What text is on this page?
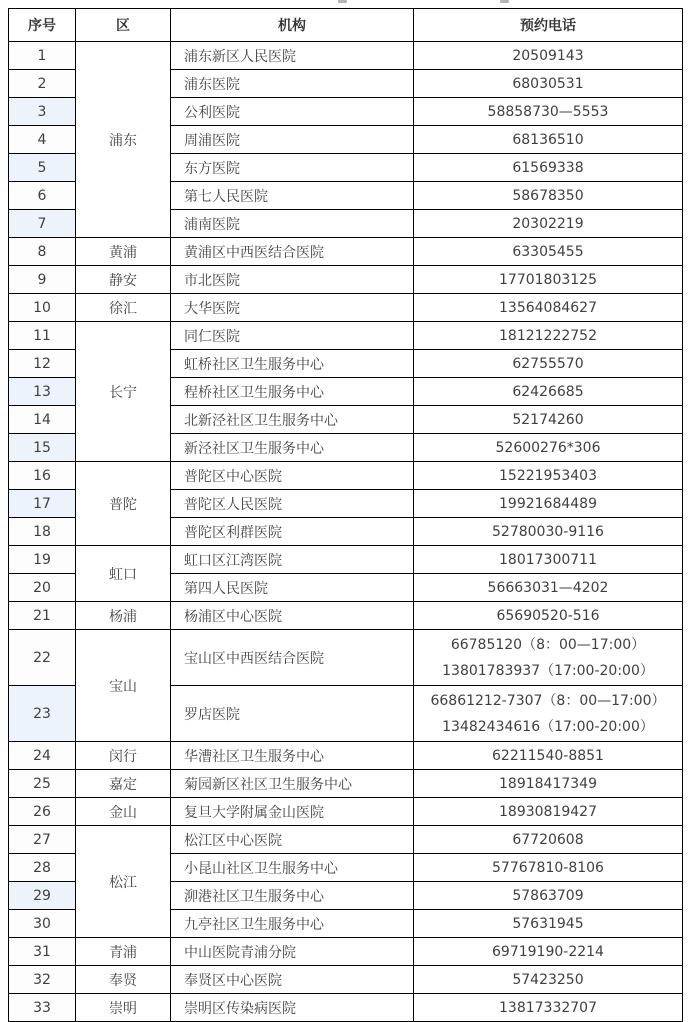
序号	区	机构	预约电话
1	浦东	浦东新区人民医院	20509143
2		浦东医院	68030531
3		公利医院	58858730—5553
4		周浦医院	68136510
5		东方医院	61569338
6		第七人民医院	58678350
7		浦南医院	20302219
8	黄浦	黄浦区中西医结合医院	63305455
9	静安	市北医院	17701803125
10	徐汇	大华医院	13564084627
11	长宁	同仁医院	18121222752
12		虹桥社区卫生服务中心	62755570
13		程桥社区卫生服务中心	62426685
14		北新泾社区卫生服务中心	52174260
15		新泾社区卫生服务中心	52600276*306
16	普陀	普陀区中心医院	15221953403
17		普陀区人民医院	19921684489
18		普陀区利群医院	52780030-9116
19	虹口	虹口区江湾医院	18017300711
20		第四人民医院	56663031—4202
21	杨浦	杨浦区中心医院	65690520-516
22	宝山	宝山区中西医结合医院	66785120（8：00—17:00）
13801783937（17:00-20:00）

23		罗店医院	66861212-7307（8：00—17:00）
13482434616（17:00-20:00）

24	闵行	华漕社区卫生服务中心	62211540-8851
25	嘉定	菊园新区社区卫生服务中心	18918417349
26	金山	复旦大学附属金山医院	18930819427
27	松江	松江区中心医院	67720608
28		小昆山社区卫生服务中心	57767810-8106
29		泖港社区卫生服务中心	57863709
30		九亭社区卫生服务中心	57631945
31	青浦	中山医院青浦分院	69719190-2214
32	奉贤	奉贤区中心医院	57423250
33	崇明	崇明区传染病医院	13817332707
